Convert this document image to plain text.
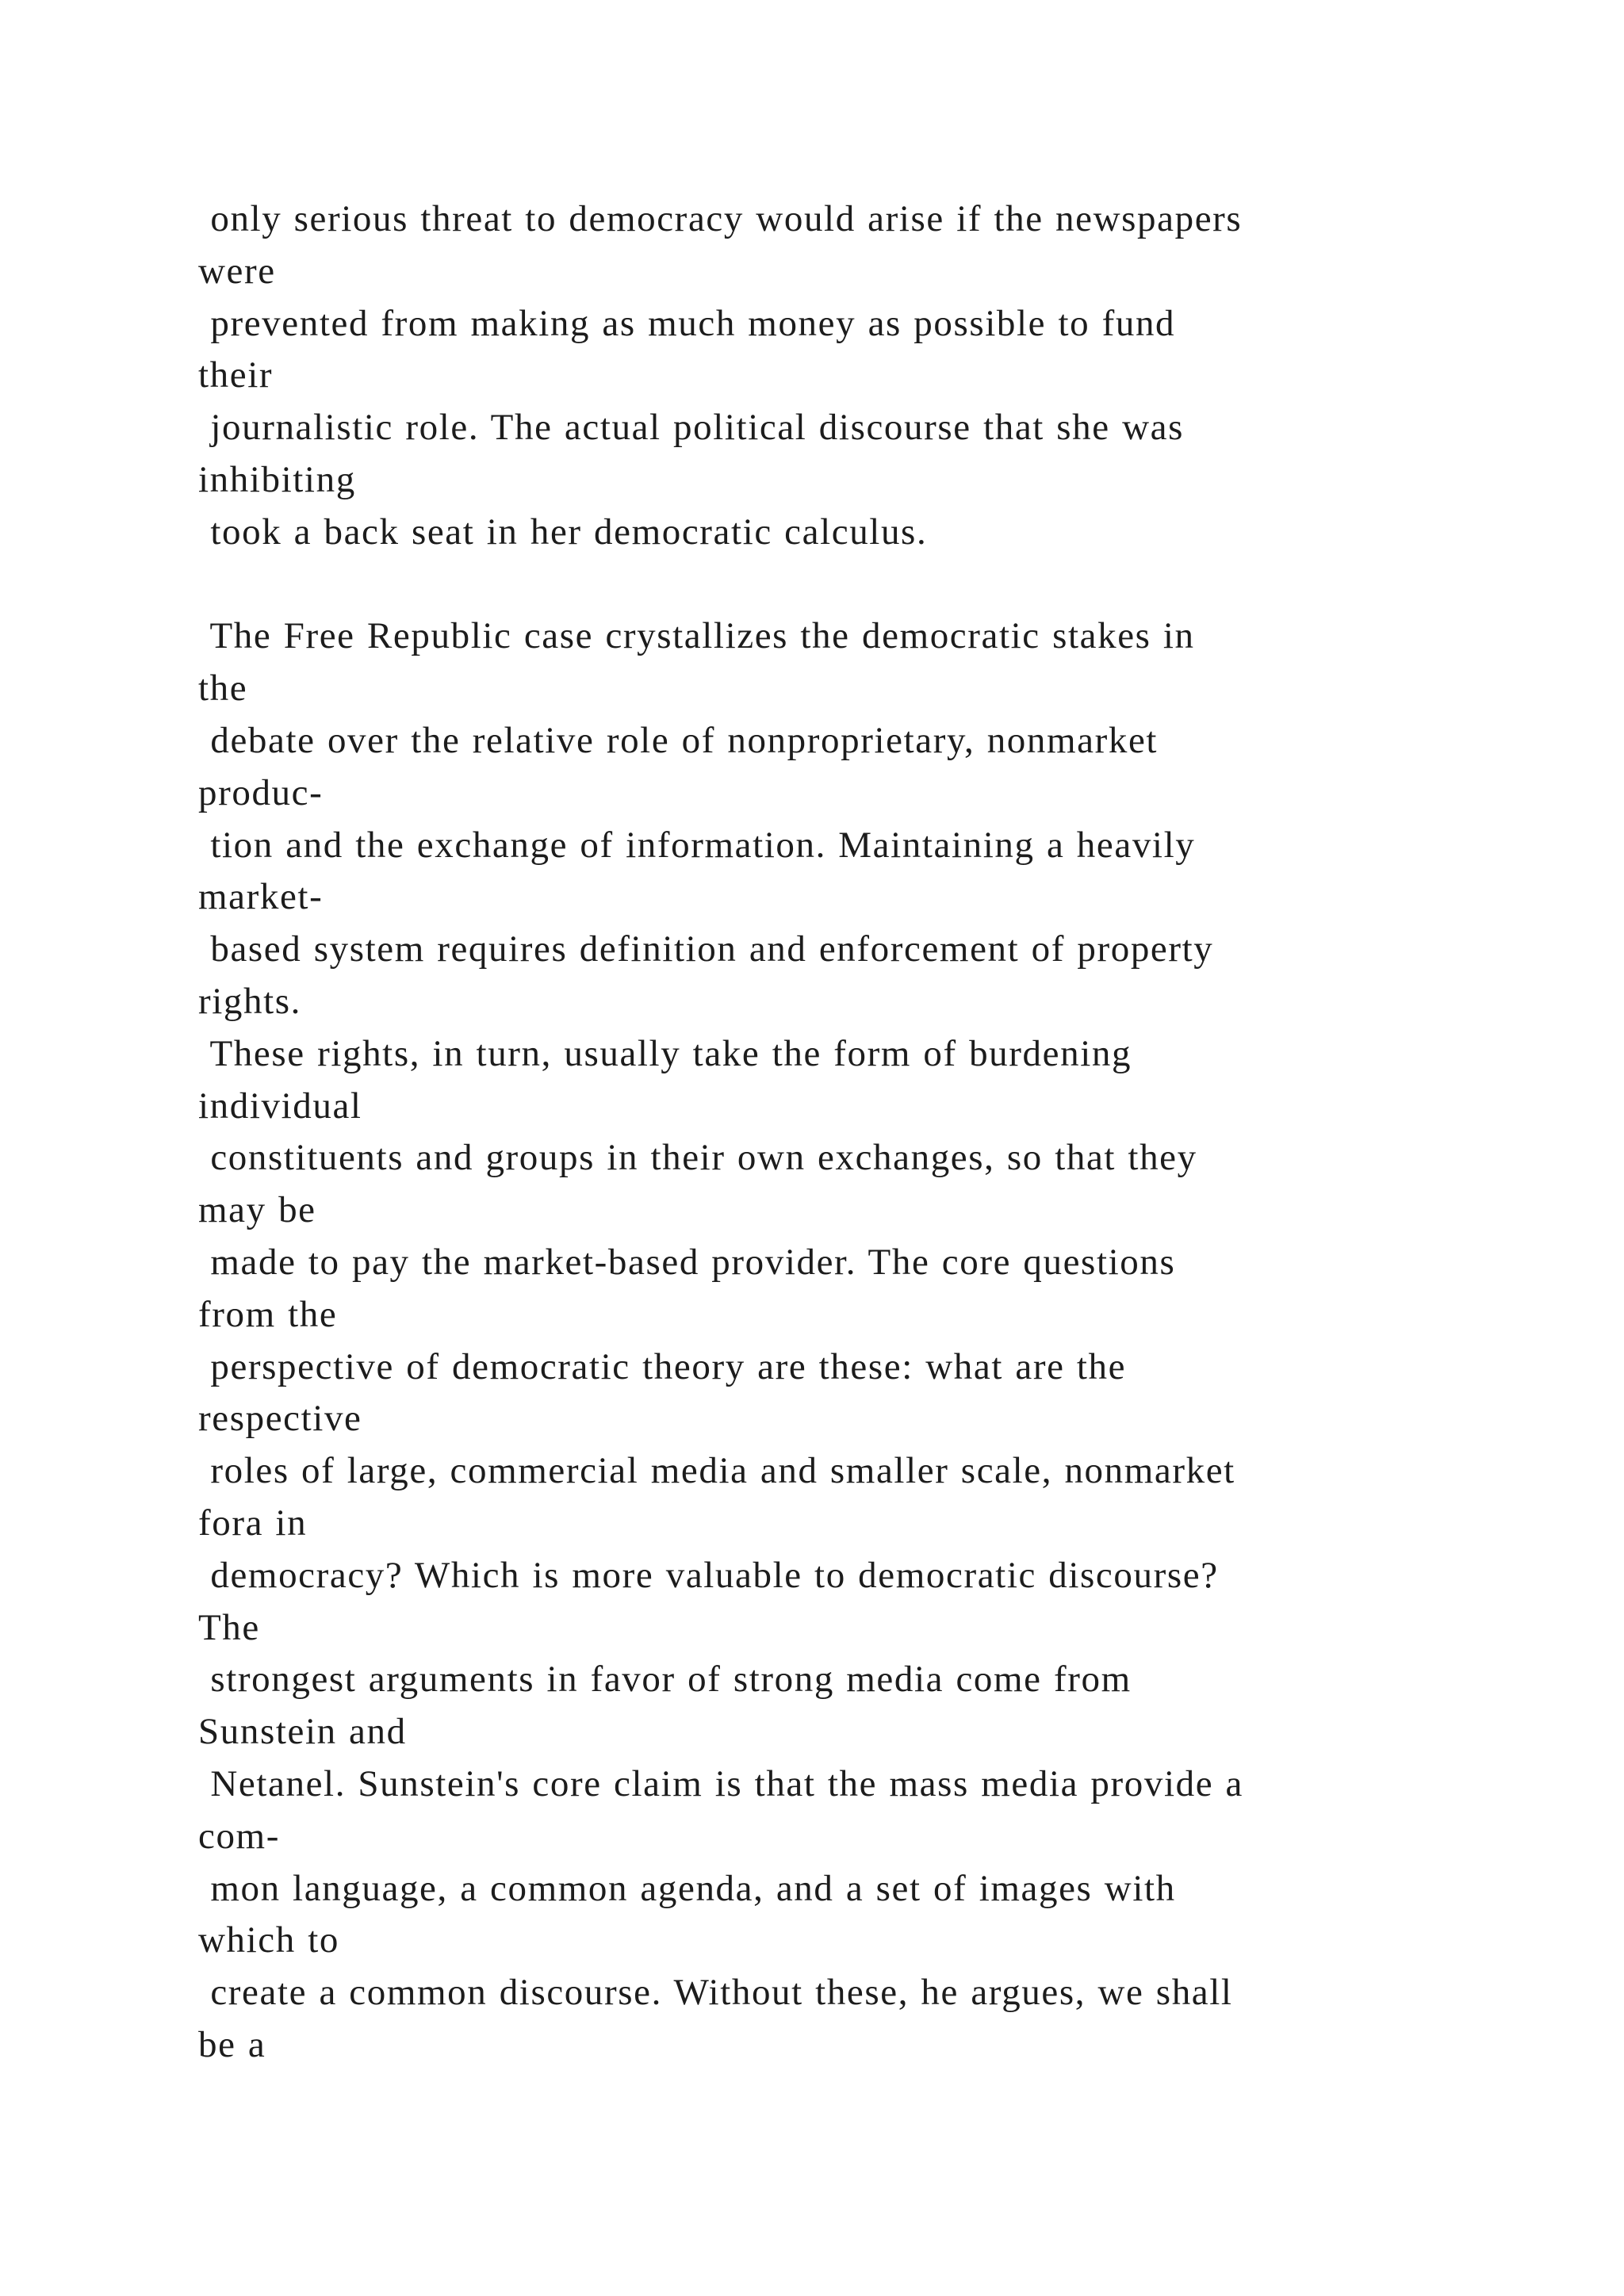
only serious threat to democracy would arise if the newspapers
were
prevented from making as much money as possible to fund
their
journalistic role. The actual political discourse that she was
inhibiting
took a back seat in her democratic calculus.
The Free Republic case crystallizes the democratic stakes in
the
debate over the relative role of nonproprietary, nonmarket
produc-
tion and the exchange of information. Maintaining a heavily
market-
based system requires definition and enforcement of property
rights.
These rights, in turn, usually take the form of burdening
individual
constituents and groups in their own exchanges, so that they
may be
made to pay the market-based provider. The core questions
from the
perspective of democratic theory are these: what are the
respective
roles of large, commercial media and smaller scale, nonmarket
fora in
democracy? Which is more valuable to democratic discourse?
The
strongest arguments in favor of strong media come from
Sunstein and
Netanel. Sunstein's core claim is that the mass media provide a
com-
mon language, a common agenda, and a set of images with
which to
create a common discourse. Without these, he argues, we shall
be a
